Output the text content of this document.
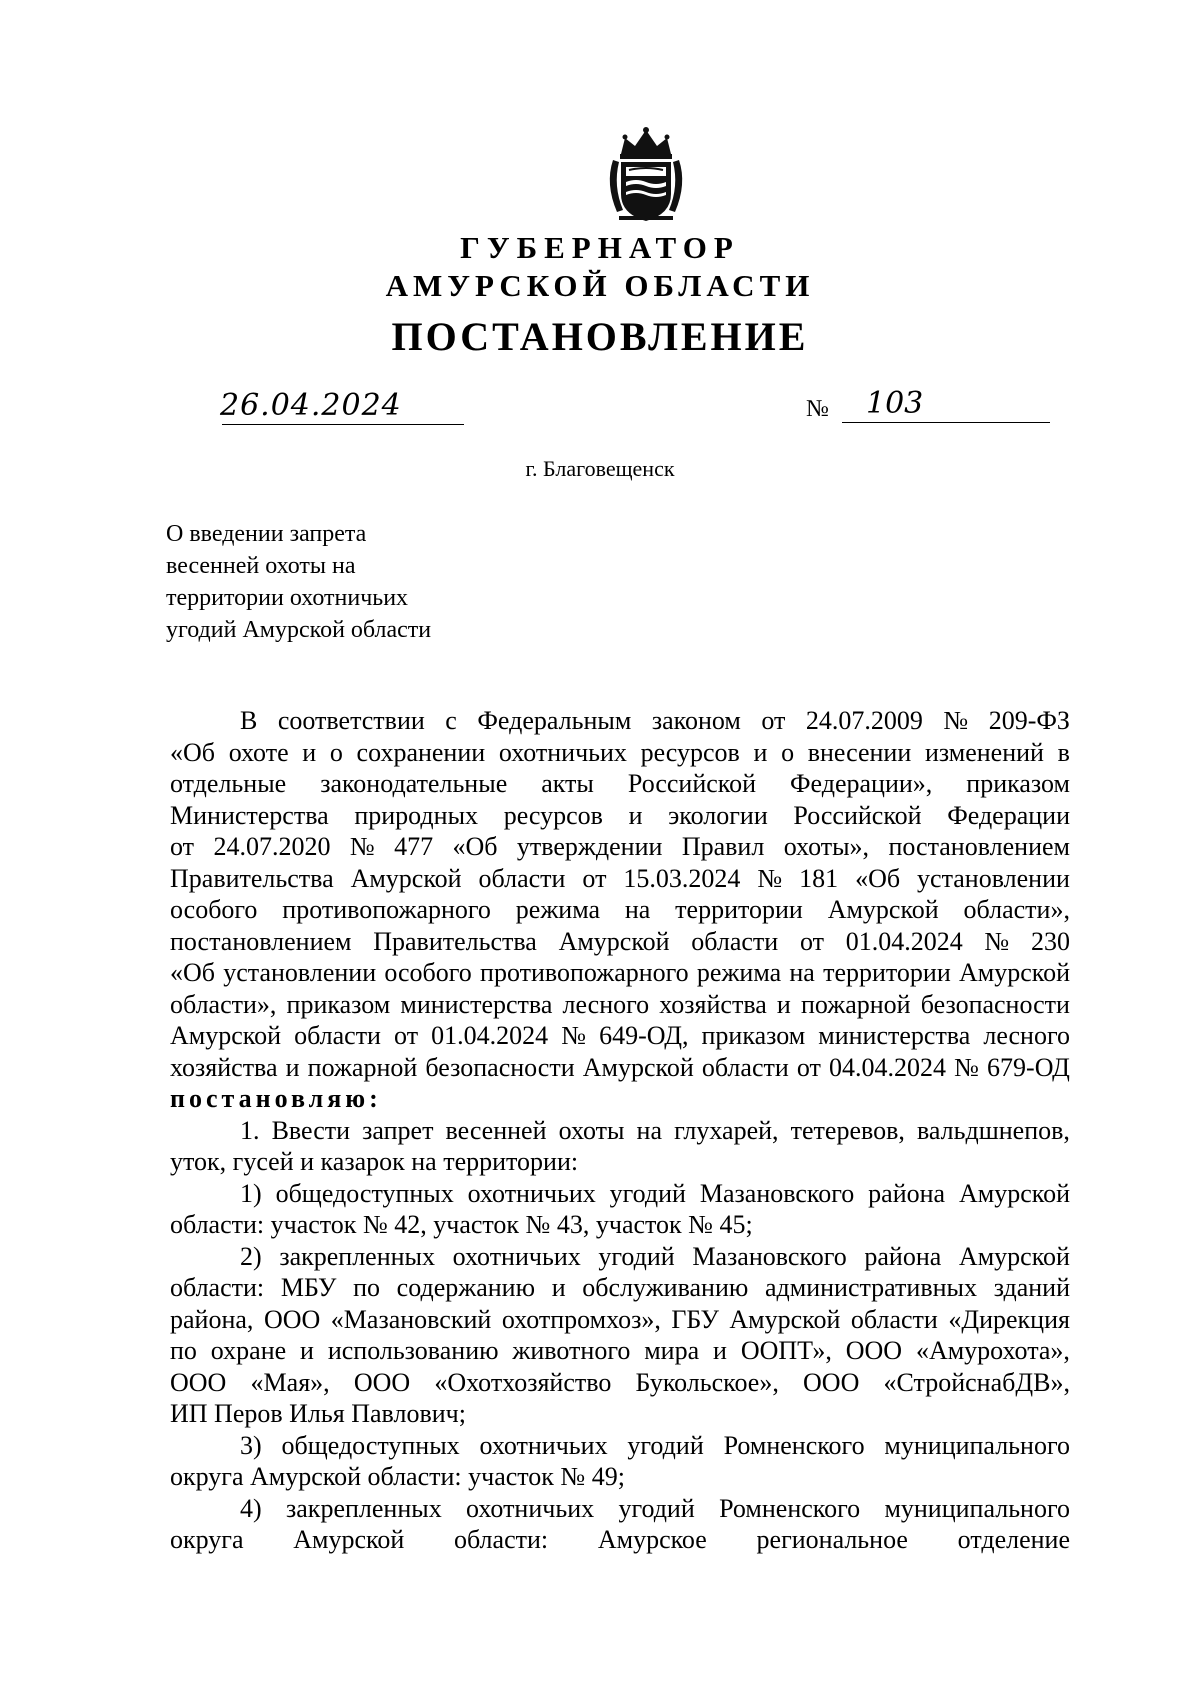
ГУБЕРНАТОР
АМУРСКОЙ ОБЛАСТИ
ПОСТАНОВЛЕНИЕ
26.04.2024	№ 103
г. Благовещенск
О введении запрета
весенней охоты на
территории охотничьих
угодий Амурской области
В соответствии с Федеральным законом от 24.07.2009 № 209-ФЗ
«Об охоте и о сохранении охотничьих ресурсов и о внесении изменений в
отдельные законодательные акты Российской Федерации», приказом
Министерства природных ресурсов и экологии Российской Федерации
от 24.07.2020 № 477 «Об утверждении Правил охоты», постановлением
Правительства Амурской области от 15.03.2024 № 181 «Об установлении
особого противопожарного режима на территории Амурской области»,
постановлением Правительства Амурской области от 01.04.2024 № 230
«Об установлении особого противопожарного режима на территории Амурской
области», приказом министерства лесного хозяйства и пожарной безопасности
Амурской области от 01.04.2024 № 649-ОД, приказом министерства лесного
хозяйства и пожарной безопасности Амурской области от 04.04.2024 № 679-ОД
постановляю:
1. Ввести запрет весенней охоты на глухарей, тетеревов, вальдшнепов,
уток, гусей и казарок на территории:
1) общедоступных охотничьих угодий Мазановского района Амурской
области: участок № 42, участок № 43, участок № 45;
2) закрепленных охотничьих угодий Мазановского района Амурской
области: МБУ по содержанию и обслуживанию административных зданий
района, ООО «Мазановский охотпромхоз», ГБУ Амурской области «Дирекция
по охране и использованию животного мира и ООПТ», ООО «Амурохота»,
ООО «Мая», ООО «Охотхозяйство Букольское», ООО «СтройснабДВ»,
ИП Перов Илья Павлович;
3) общедоступных охотничьих угодий Ромненского муниципального
округа Амурской области: участок № 49;
4) закрепленных охотничьих угодий Ромненского муниципального
округа Амурской области: Амурское региональное отделение
